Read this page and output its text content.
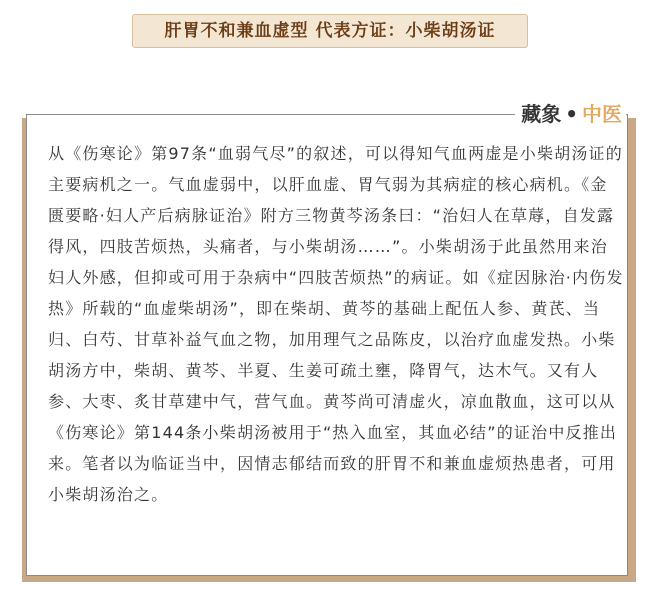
肝胃不和兼血虚型 代表方证：小柴胡汤证
藏象 • 中医

从《伤寒论》第97条“血弱气尽”的叙述，可以得知气血两虚是小柴胡汤证的主要病机之一。气血虚弱中，以肝血虚、胃气弱为其病症的核心病机。《金匮要略·妇人产后病脉证治》附方三物黄芩汤条曰：“治妇人在草蓐，自发露得风，四肢苦烦热，头痛者，与小柴胡汤……”。小柴胡汤于此虽然用来治妇人外感，但抑或可用于杂病中“四肢苦烦热”的病证。如《症因脉治·内伤发热》所载的“血虚柴胡汤”，即在柴胡、黄芩的基础上配伍人参、黄芪、当归、白芍、甘草补益气血之物，加用理气之品陈皮，以治疗血虚发热。小柴胡汤方中，柴胡、黄芩、半夏、生姜可疏土壅，降胃气，达木气。又有人参、大枣、炙甘草建中气，营气血。黄芩尚可清虚火，凉血散血，这可以从《伤寒论》第144条小柴胡汤被用于“热入血室，其血必结”的证治中反推出来。笔者以为临证当中，因情志郁结而致的肝胃不和兼血虚烦热患者，可用小柴胡汤治之。
